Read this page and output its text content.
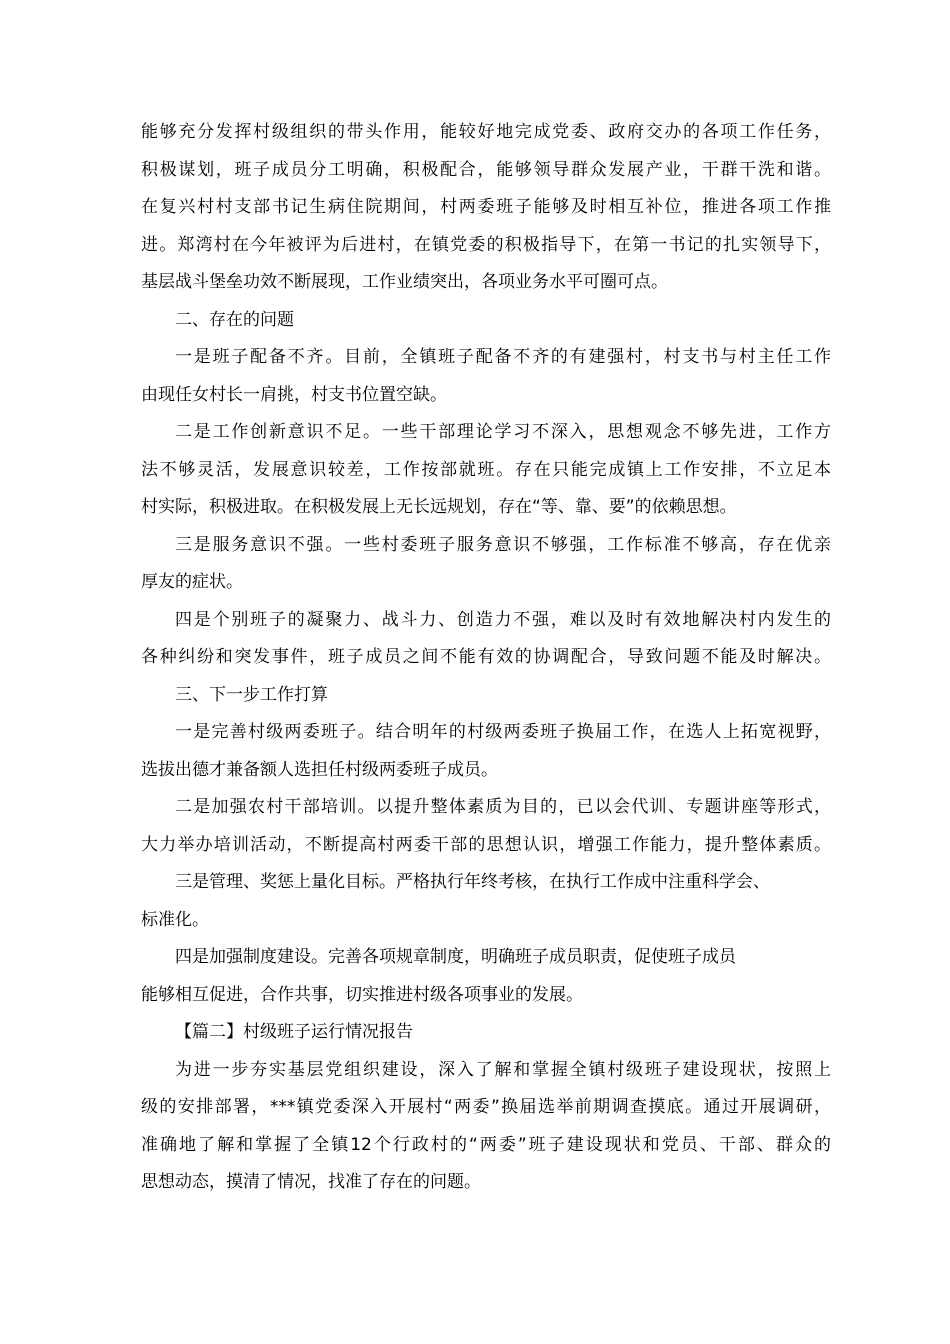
能够充分发挥村级组织的带头作用，能较好地完成党委、政府交办的各项工作任务，
积极谋划，班子成员分工明确，积极配合，能够领导群众发展产业，干群干洗和谐。
在复兴村村支部书记生病住院期间，村两委班子能够及时相互补位，推进各项工作推
进。郑湾村在今年被评为后进村，在镇党委的积极指导下，在第一书记的扎实领导下，
基层战斗堡垒功效不断展现，工作业绩突出，各项业务水平可圈可点。
二、存在的问题
一是班子配备不齐。目前，全镇班子配备不齐的有建强村，村支书与村主任工作
由现任女村长一肩挑，村支书位置空缺。
二是工作创新意识不足。一些干部理论学习不深入，思想观念不够先进，工作方
法不够灵活，发展意识较差，工作按部就班。存在只能完成镇上工作安排，不立足本
村实际，积极进取。在积极发展上无长远规划，存在“等、靠、要”的依赖思想。
三是服务意识不强。一些村委班子服务意识不够强，工作标准不够高，存在优亲
厚友的症状。
四是个别班子的凝聚力、战斗力、创造力不强，难以及时有效地解决村内发生的
各种纠纷和突发事件，班子成员之间不能有效的协调配合，导致问题不能及时解决。
三、下一步工作打算
一是完善村级两委班子。结合明年的村级两委班子换届工作，在选人上拓宽视野，
选拔出德才兼备额人选担任村级两委班子成员。
二是加强农村干部培训。以提升整体素质为目的，已以会代训、专题讲座等形式，
大力举办培训活动，不断提高村两委干部的思想认识，增强工作能力，提升整体素质。
三是管理、奖惩上量化目标。严格执行年终考核，在执行工作成中注重科学会、
标准化。
四是加强制度建设。完善各项规章制度，明确班子成员职责，促使班子成员
能够相互促进，合作共事，切实推进村级各项事业的发展。
【篇二】村级班子运行情况报告
为进一步夯实基层党组织建设，深入了解和掌握全镇村级班子建设现状，按照上
级的安排部署，***镇党委深入开展村“两委”换届选举前期调查摸底。通过开展调研，
准确地了解和掌握了全镇12个行政村的“两委”班子建设现状和党员、干部、群众的
思想动态，摸清了情况，找准了存在的问题。
